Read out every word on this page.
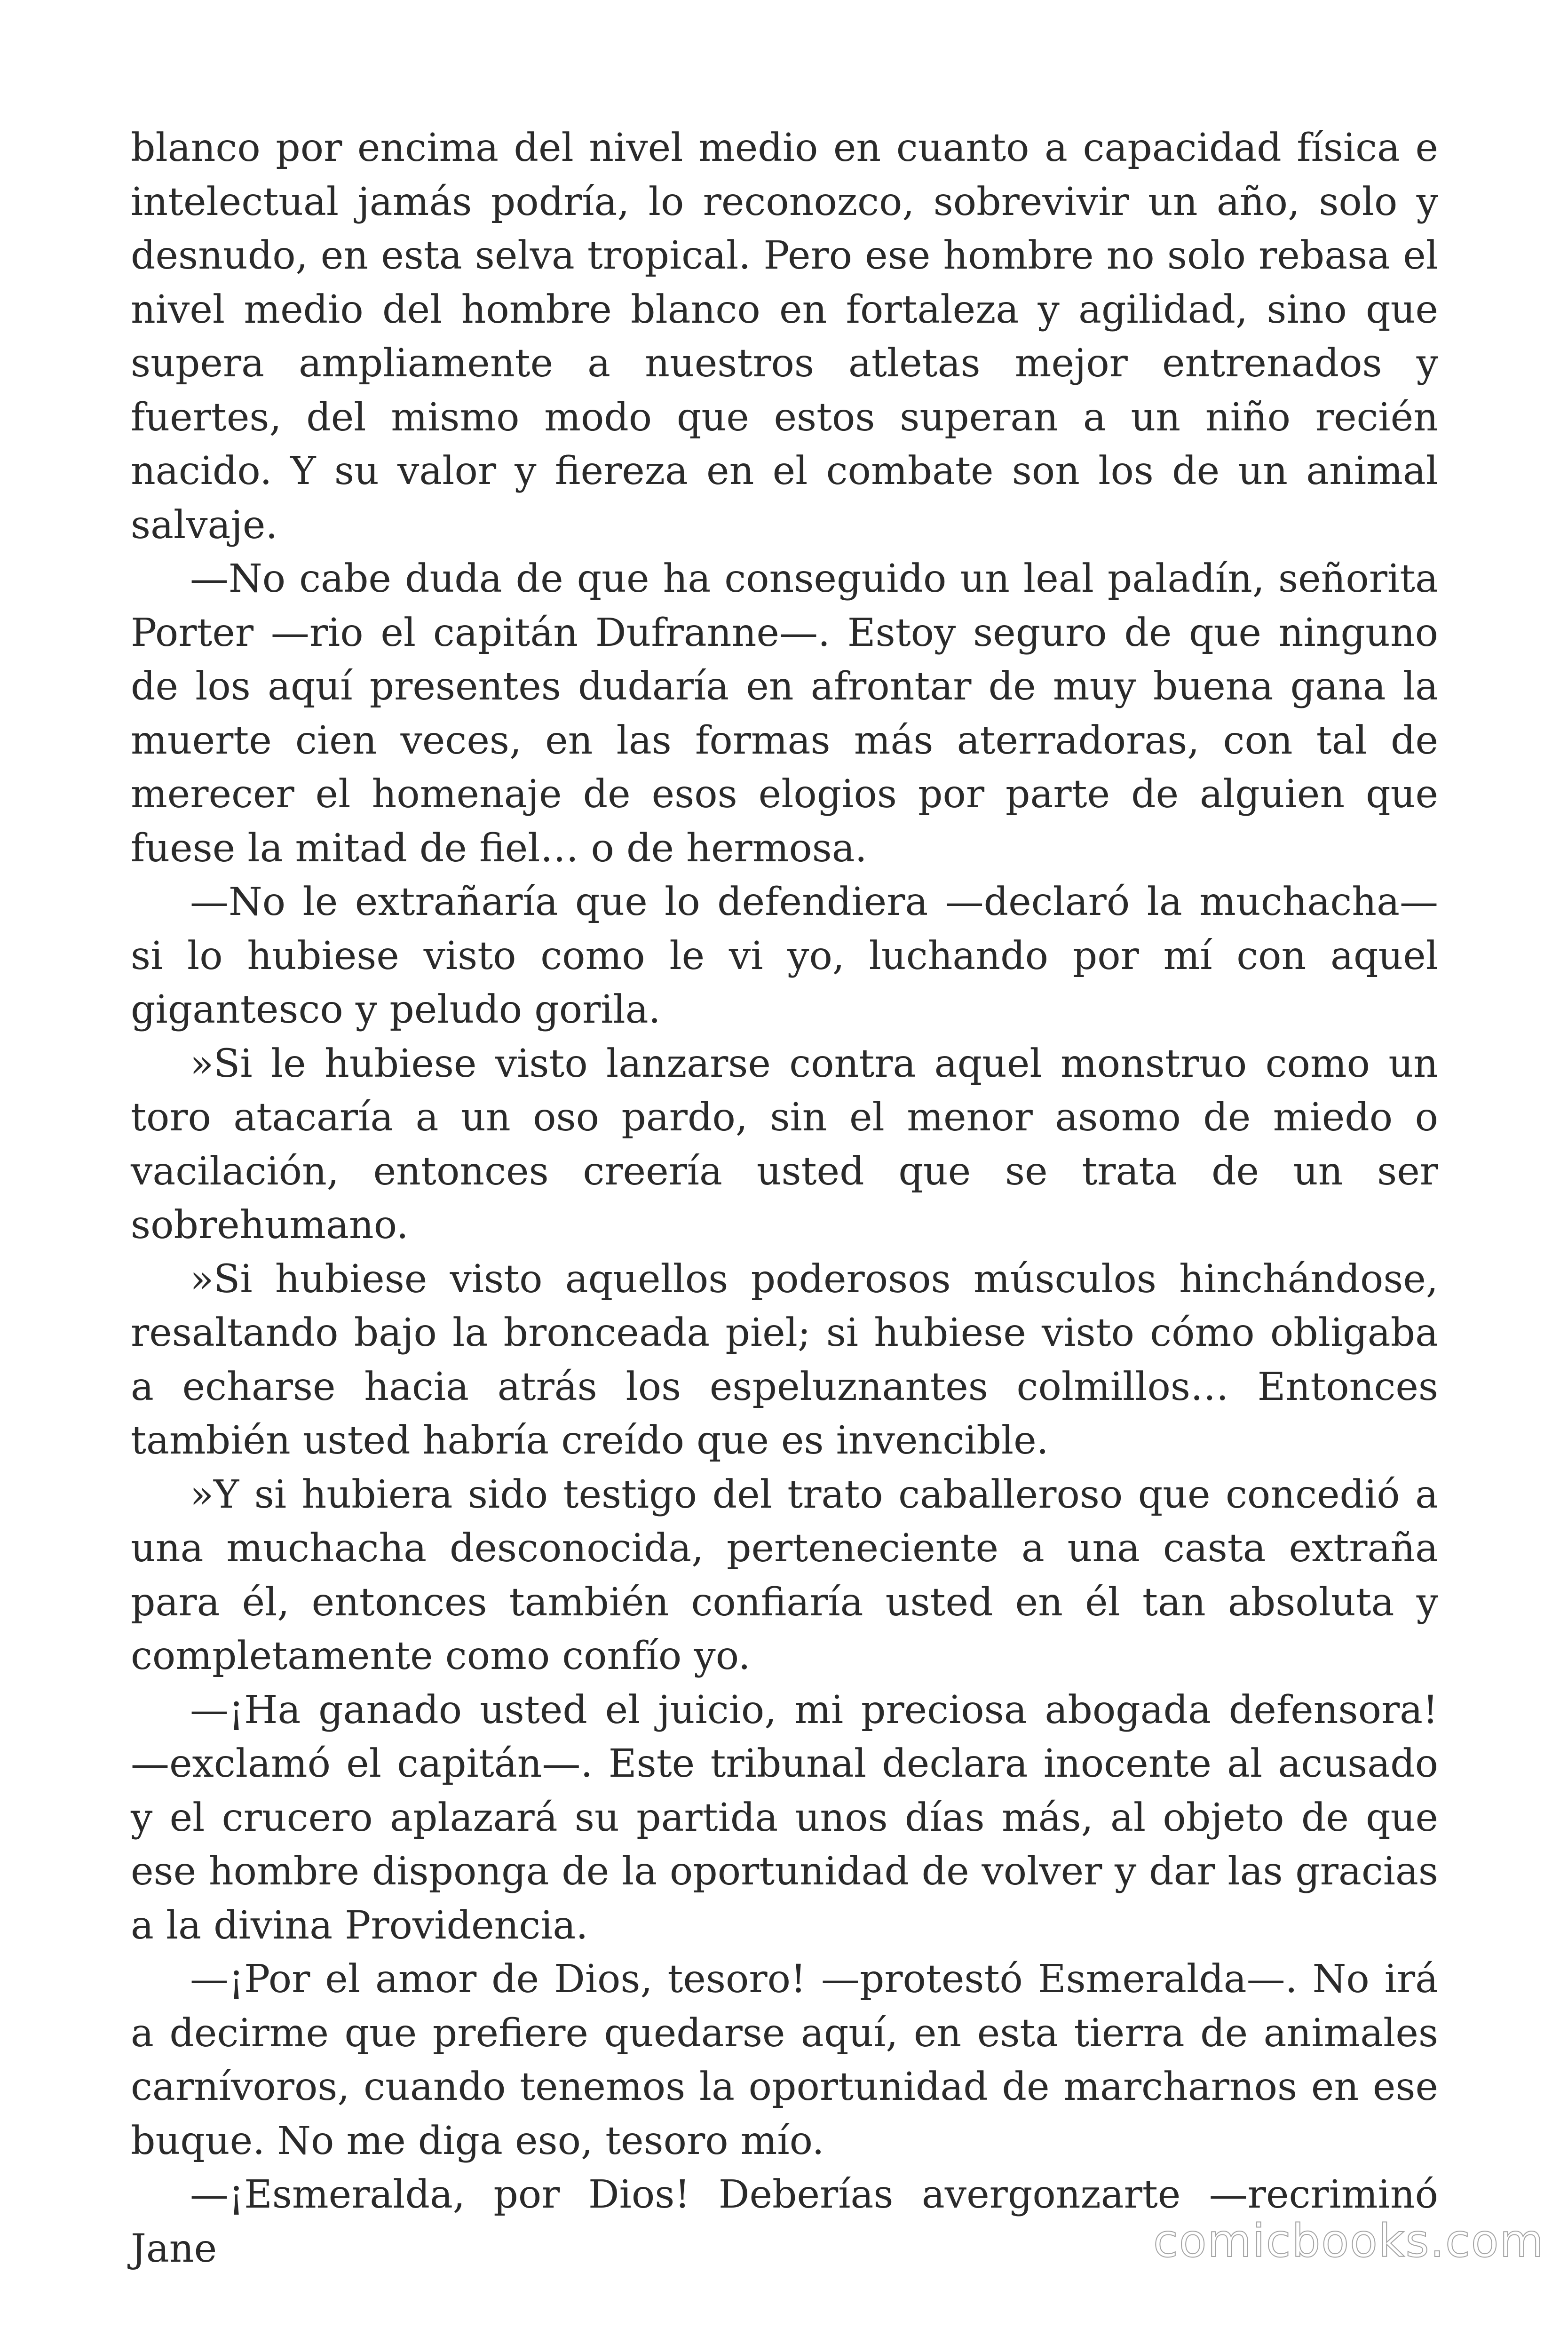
blanco por encima del nivel medio en cuanto a capacidad física e intelectual jamás podría, lo reconozco, sobrevivir un año, solo y desnudo, en esta selva tropical. Pero ese hombre no solo rebasa el nivel medio del hombre blanco en fortaleza y agilidad, sino que supera ampliamente a nuestros atletas mejor entrenados y fuertes, del mismo modo que estos superan a un niño recién nacido. Y su valor y fiereza en el combate son los de un animal salvaje.

—No cabe duda de que ha conseguido un leal paladín, señorita Porter —rio el capitán Dufranne—. Estoy seguro de que ninguno de los aquí presentes dudaría en afrontar de muy buena gana la muerte cien veces, en las formas más aterradoras, con tal de merecer el homenaje de esos elogios por parte de alguien que fuese la mitad de fiel… o de hermosa.

—No le extrañaría que lo defendiera —declaró la muchacha— si lo hubiese visto como le vi yo, luchando por mí con aquel gigantesco y peludo gorila.

»Si le hubiese visto lanzarse contra aquel monstruo como un toro atacaría a un oso pardo, sin el menor asomo de miedo o vacilación, entonces creería usted que se trata de un ser sobrehumano.

»Si hubiese visto aquellos poderosos músculos hinchándose, resaltando bajo la bronceada piel; si hubiese visto cómo obligaba a echarse hacia atrás los espeluznantes colmillos… Entonces también usted habría creído que es invencible.

»Y si hubiera sido testigo del trato caballeroso que concedió a una muchacha desconocida, perteneciente a una casta extraña para él, entonces también confiaría usted en él tan absoluta y completamente como confío yo.

—¡Ha ganado usted el juicio, mi preciosa abogada defensora! —exclamó el capitán—. Este tribunal declara inocente al acusado y el crucero aplazará su partida unos días más, al objeto de que ese hombre disponga de la oportunidad de volver y dar las gracias a la divina Providencia.

—¡Por el amor de Dios, tesoro! —protestó Esmeralda—. No irá a decirme que prefiere quedarse aquí, en esta tierra de animales carnívoros, cuando tenemos la oportunidad de marcharnos en ese buque. No me diga eso, tesoro mío.

—¡Esmeralda, por Dios! Deberías avergonzarte —recriminó Jane	comicbooks.com
